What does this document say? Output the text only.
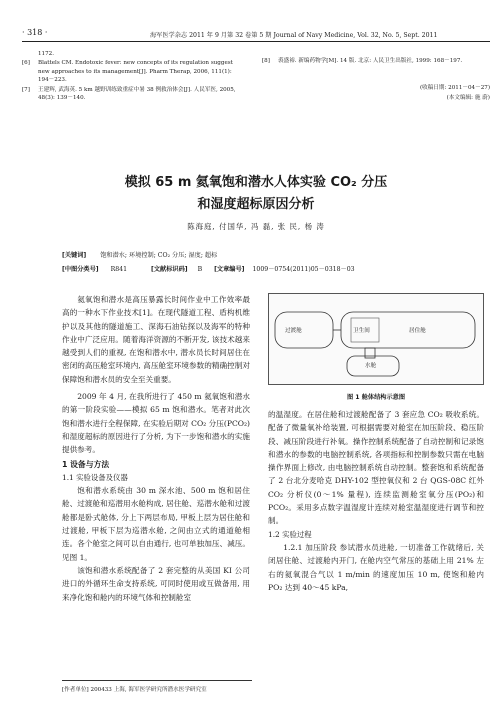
· 318 ·	海军医学杂志 2011 年 9 月第 32 卷第 5 期 Journal of Navy Medicine, Vol. 32, No. 5, Sept. 2011
1172.
[6] Blattels CM. Endotoxic fever: new concepts of its regulation suggest new approaches to its management[J]. Pharm Therap, 2006, 111(1): 194－223.
[7] 王建辉, 武海英. 5 km 越野训练致重症中暑 38 例救治体会[J]. 人民军医, 2005, 48(3): 139－140.
[8] 裘盛裕. 新编药物学[M]. 14 版. 北京: 人民卫生出版社, 1999: 168－197.
(收稿日期: 2011－04－27)
(本文编辑: 施 蔚)
模拟 65 m 氦氧饱和潜水人体实验 CO₂ 分压
和湿度超标原因分析
陈海庭, 付国华, 冯 磊, 张 民, 杨 涛
[关键词] 饱和潜水; 环境控制; CO₂ 分压; 湿度; 超标
[中图分类号] R841	[文献标识码] B [文章编号] 1009－0754(2011)05－0318－03

氦氧饱和潜水是高压暴露长时间作业中工作效率最高的一种水下作业技术[1]。在现代隧道工程、盾构机维护以及其他的隧道施工、深海石油钻探以及海军的特种作业中广泛应用。随着海洋资源的不断开发, 该技术越来越受到人们的重视, 在饱和潜水中, 潜水员长时间居住在密闭的高压舱室环境内, 高压舱室环境参数的精确控制对保障饱和潜水员的安全至关重要。

2009 年 4 月, 在我所进行了 450 m 氦氧饱和潜水的第一阶段实验——模拟 65 m 饱和潜水。笔者对此次饱和潜水进行全程保障, 在实验后期对 CO₂ 分压(PCO₂)和湿度超标的原因进行了分析, 为下一步饱和潜水的实施提供参考。

1 设备与方法
1.1 实验设备及仪器

饱和潜水系统由 30 m 深水池、500 m 饱和居住舱、过渡舱和巡潜用水舱构成, 居住舱、巡潜水舱和过渡舱都是卧式舱体, 分上下两层布局, 甲板上层为居住舱和过渡舱, 甲板下层为巡潜水舱, 之间由立式的通道舱相连。各个舱室之间可以自由通行, 也可单独加压、减压。见图 1。

该饱和潜水系统配备了 2 套完整的从美国 KI 公司进口的外循环生命支持系统, 可同时使用或互做备用, 用来净化饱和舱内的环境气体和控制舱室

[作者单位] 200433 上海, 海军医学研究所潜水医学研究室
过渡舱	卫生间	居住舱
水舱
图 1 舱体结构示意图

的温湿度。在居住舱和过渡舱配备了 3 套应急 CO₂ 吸收系统。配备了微量氧补给装置, 可根据需要对舱室在加压阶段、稳压阶段、减压阶段进行补氧。操作控制系统配备了自动控制和记录饱和潜水的参数的电脑控制系统, 各项指标和控制参数只需在电脑操作界面上修改, 由电脑控制系统自动控制。整套饱和系统配备了 2 台北分麦哈克 DHY-102 型控氧仪和 2 台 QGS-08C 红外 CO₂ 分析仪(0～1% 量程), 连续监测舱室氧分压(PO₂)和 PCO₂。采用多点数字温湿度计连续对舱室温湿度进行调节和控制。

1.2 实验过程

1.2.1 加压阶段 参试潜水员进舱, 一切准备工作就绪后, 关闭居住舱、过渡舱内开门, 在舱内空气常压的基础上用 21% 左右的氦氧混合气以 1 m/min 的速度加压 10 m, 使饱和舱内 PO₂ 达到 40～45 kPa,
